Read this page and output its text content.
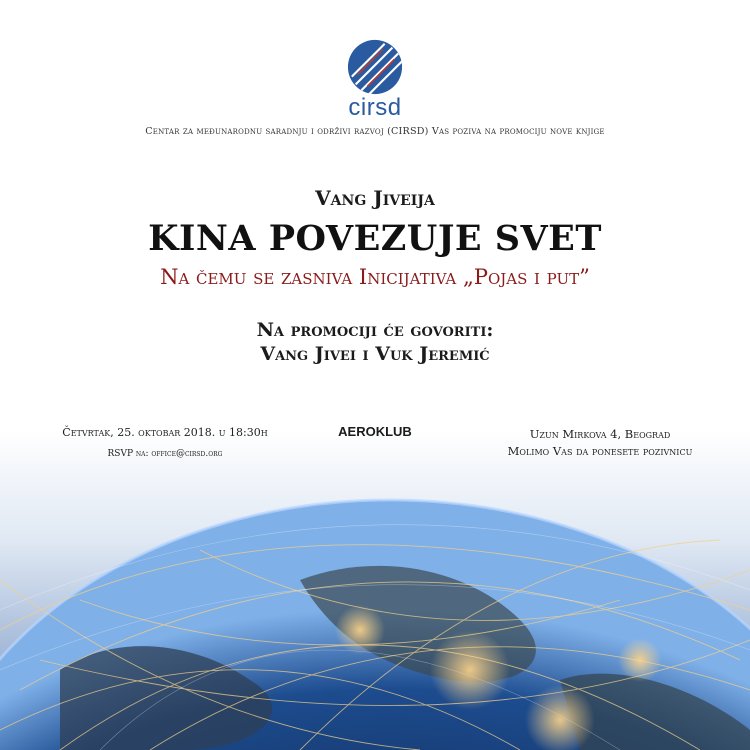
cirsd
Centar za međunarodnu saradnju i održivi razvoj (CIRSD) Vas poziva na promociju nove knjige
Vang Jiveija
KINA POVEZUJE SVET
Na čemu se zasniva Inicijativa „Pojas i put”
Na promociji će govoriti:
Vang Jivei i Vuk Jeremić
Četvrtak, 25. oktobar 2018. u 18:30h
RSVP na: office@cirsd.org
AEROKLUB	Uzun Mirkova 4, Beograd
Molimo Vas da ponesete pozivnicu
